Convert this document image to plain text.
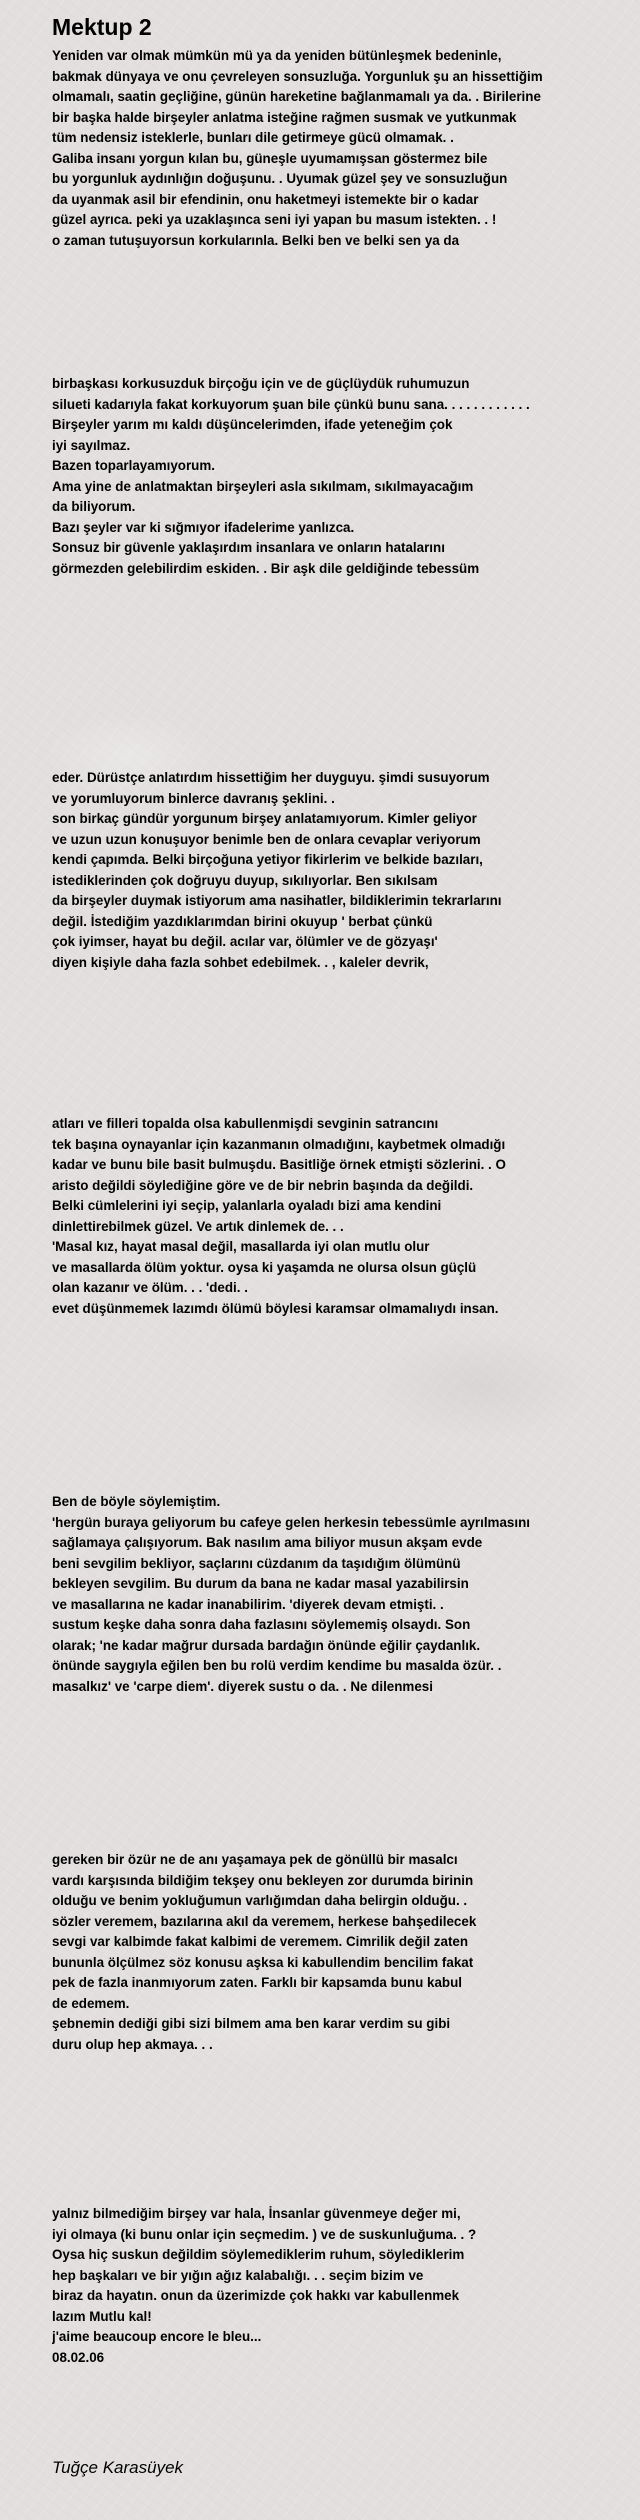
Mektup 2
Yeniden var olmak mümkün mü ya da yeniden bütünleşmek bedeninle,
bakmak dünyaya ve onu çevreleyen sonsuzluğa. Yorgunluk şu an hissettiğim
olmamalı, saatin geçliğine, günün hareketine bağlanmamalı ya da. . Birilerine
bir başka halde birşeyler anlatma isteğine rağmen susmak ve yutkunmak
tüm nedensiz isteklerle, bunları dile getirmeye gücü olmamak. .
Galiba insanı yorgun kılan bu, güneşle uyumamışsan göstermez bile
bu yorgunluk aydınlığın doğuşunu. . Uyumak güzel şey ve sonsuzluğun
da uyanmak asil bir efendinin, onu haketmeyi istemekte bir o kadar
güzel ayrıca. peki ya uzaklaşınca seni iyi yapan bu masum istekten. . !
o zaman tutuşuyorsun korkularınla. Belki ben ve belki sen ya da
birbaşkası korkusuzduk birçoğu için ve de güçlüydük ruhumuzun
silueti kadarıyla fakat korkuyorum şuan bile çünkü bunu sana. . . . . . . . . . . .
Birşeyler yarım mı kaldı düşüncelerimden, ifade yeteneğim çok
iyi sayılmaz.
Bazen toparlayamıyorum.
Ama yine de anlatmaktan birşeyleri asla sıkılmam, sıkılmayacağım
da biliyorum.
Bazı şeyler var ki sığmıyor ifadelerime yanlızca.
Sonsuz bir güvenle yaklaşırdım insanlara ve onların hatalarını
görmezden gelebilirdim eskiden. . Bir aşk dile geldiğinde tebessüm
eder. Dürüstçe anlatırdım hissettiğim her duyguyu. şimdi susuyorum
ve yorumluyorum binlerce davranış şeklini. .
son birkaç gündür yorgunum birşey anlatamıyorum. Kimler geliyor
ve uzun uzun konuşuyor benimle ben de onlara cevaplar veriyorum
kendi çapımda. Belki birçoğuna yetiyor fikirlerim ve belkide bazıları,
istediklerinden çok doğruyu duyup, sıkılıyorlar. Ben sıkılsam
da birşeyler duymak istiyorum ama nasihatler, bildiklerimin tekrarlarını
değil. İstediğim yazdıklarımdan birini okuyup ' berbat çünkü
çok iyimser, hayat bu değil. acılar var, ölümler ve de gözyaşı'
diyen kişiyle daha fazla sohbet edebilmek. . , kaleler devrik,
atları ve filleri topalda olsa kabullenmişdi sevginin satrancını
tek başına oynayanlar için kazanmanın olmadığını, kaybetmek olmadığı
kadar ve bunu bile basit bulmuşdu. Basitliğe örnek etmişti sözlerini. . O
aristo değildi söylediğine göre ve de bir nebrin başında da değildi.
Belki cümlelerini iyi seçip, yalanlarla oyaladı bizi ama kendini
dinlettirebilmek güzel. Ve artık dinlemek de. . .
'Masal kız, hayat masal değil, masallarda iyi olan mutlu olur
ve masallarda ölüm yoktur. oysa ki yaşamda ne olursa olsun güçlü
olan kazanır ve ölüm. . . 'dedi. .
evet düşünmemek lazımdı ölümü böylesi karamsar olmamalıydı insan.
Ben de böyle söylemiştim.
'hergün buraya geliyorum bu cafeye gelen herkesin tebessümle ayrılmasını
sağlamaya çalışıyorum. Bak nasılım ama biliyor musun akşam evde
beni sevgilim bekliyor, saçlarını cüzdanım da taşıdığım ölümünü
bekleyen sevgilim. Bu durum da bana ne kadar masal yazabilirsin
ve masallarına ne kadar inanabilirim. 'diyerek devam etmişti. .
sustum keşke daha sonra daha fazlasını söylememiş olsaydı. Son
olarak; 'ne kadar mağrur dursada bardağın önünde eğilir çaydanlık.
önünde saygıyla eğilen ben bu rolü verdim kendime bu masalda özür. .
masalkız' ve 'carpe diem'. diyerek sustu o da. . Ne dilenmesi
gereken bir özür ne de anı yaşamaya pek de gönüllü bir masalcı
vardı karşısında bildiğim tekşey onu bekleyen zor durumda birinin
olduğu ve benim yokluğumun varlığımdan daha belirgin olduğu. .
sözler veremem, bazılarına akıl da veremem, herkese bahşedilecek
sevgi var kalbimde fakat kalbimi de veremem. Cimrilik değil zaten
bununla ölçülmez söz konusu aşksa ki kabullendim bencilim fakat
pek de fazla inanmıyorum zaten. Farklı bir kapsamda bunu kabul
de edemem.
şebnemin dediği gibi sizi bilmem ama ben karar verdim su gibi
duru olup hep akmaya. . .
yalnız bilmediğim birşey var hala, İnsanlar güvenmeye değer mi,
iyi olmaya (ki bunu onlar için seçmedim. ) ve de suskunluğuma. . ?
Oysa hiç suskun değildim söylemediklerim ruhum, söylediklerim
hep başkaları ve bir yığın ağız kalabalığı. . . seçim bizim ve
biraz da hayatın. onun da üzerimizde çok hakkı var kabullenmek
lazım Mutlu kal!
j'aime beaucoup encore le bleu...
08.02.06
Tuğçe Karasüyek
